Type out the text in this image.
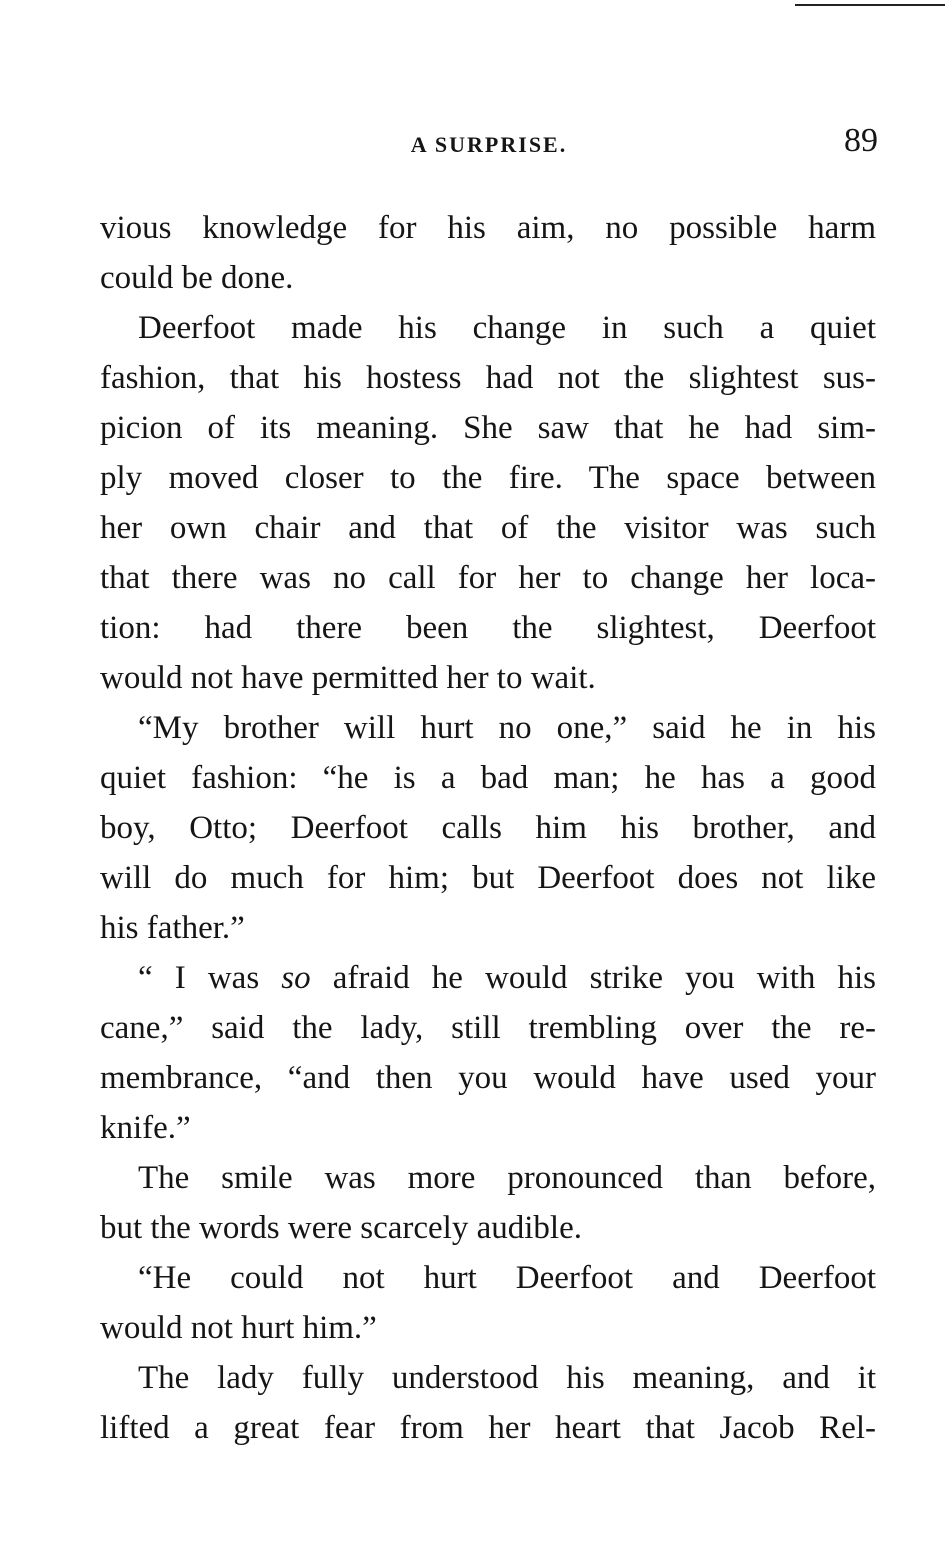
A SURPRISE.	89
vious knowledge for his aim, no possible harm
could be done.
Deerfoot made his change in such a quiet
fashion, that his hostess had not the slightest sus-
picion of its meaning. She saw that he had sim-
ply moved closer to the fire. The space between
her own chair and that of the visitor was such
that there was no call for her to change her loca-
tion: had there been the slightest, Deerfoot
would not have permitted her to wait.
“My brother will hurt no one,” said he in his
quiet fashion: “he is a bad man; he has a good
boy, Otto; Deerfoot calls him his brother, and
will do much for him; but Deerfoot does not like
his father.”
“ I was so afraid he would strike you with his
cane,” said the lady, still trembling over the re-
membrance, “and then you would have used your
knife.”
The smile was more pronounced than before,
but the words were scarcely audible.
“He could not hurt Deerfoot and Deerfoot
would not hurt him.”
The lady fully understood his meaning, and it
lifted a great fear from her heart that Jacob Rel-
